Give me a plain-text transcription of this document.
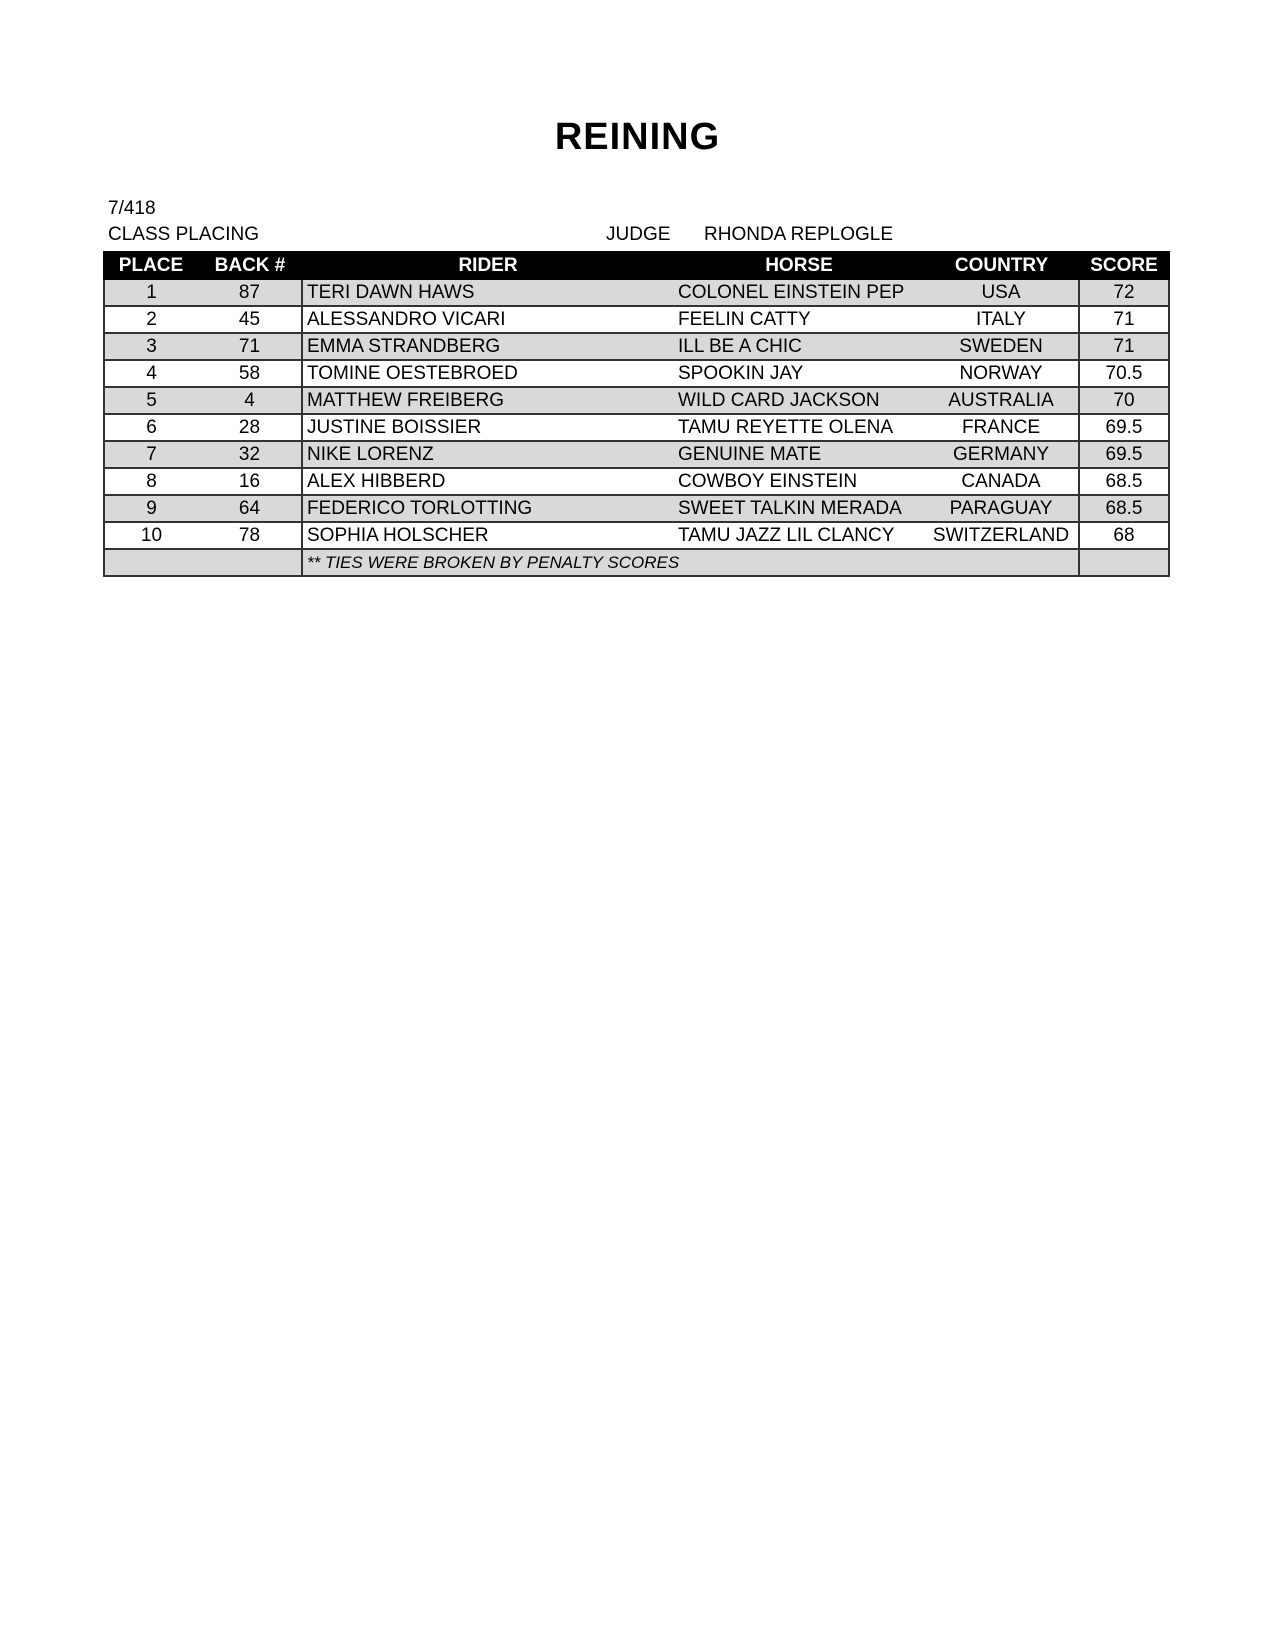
REINING
7/418
CLASS PLACING	JUDGE RHONDA REPLOGLE
PLACE	BACK #	RIDER	HORSE	COUNTRY	SCORE
1	87	TERI DAWN HAWS	COLONEL EINSTEIN PEP	USA	72
2	45	ALESSANDRO VICARI	FEELIN CATTY	ITALY	71
3	71	EMMA STRANDBERG	ILL BE A CHIC	SWEDEN	71
4	58	TOMINE OESTEBROED	SPOOKIN JAY	NORWAY	70.5
5	4	MATTHEW FREIBERG	WILD CARD JACKSON	AUSTRALIA	70
6	28	JUSTINE BOISSIER	TAMU REYETTE OLENA	FRANCE	69.5
7	32	NIKE LORENZ	GENUINE MATE	GERMANY	69.5
8	16	ALEX HIBBERD	COWBOY EINSTEIN	CANADA	68.5
9	64	FEDERICO TORLOTTING	SWEET TALKIN MERADA	PARAGUAY	68.5
10	78	SOPHIA HOLSCHER	TAMU JAZZ LIL CLANCY	SWITZERLAND	68
		** TIES WERE BROKEN BY PENALTY SCORES			
